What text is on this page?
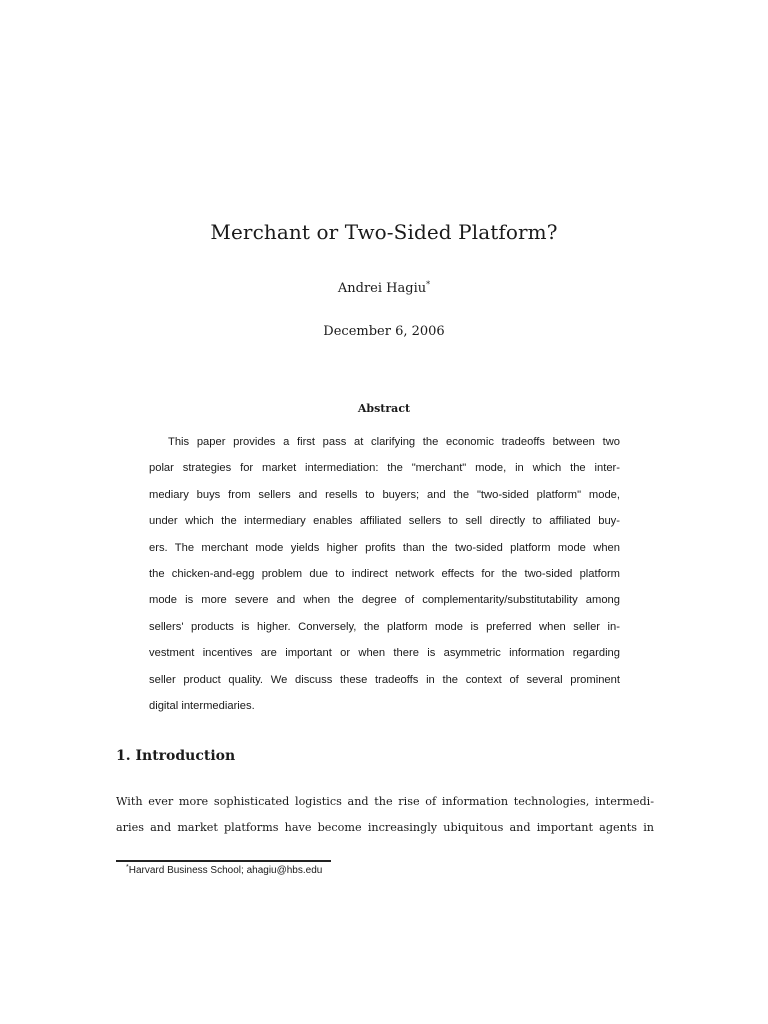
Merchant or Two-Sided Platform?
Andrei Hagiu*
December 6, 2006
Abstract
This paper provides a first pass at clarifying the economic tradeoffs between two
polar strategies for market intermediation: the "merchant" mode, in which the inter-
mediary buys from sellers and resells to buyers; and the "two-sided platform" mode,
under which the intermediary enables affiliated sellers to sell directly to affiliated buy-
ers. The merchant mode yields higher profits than the two-sided platform mode when
the chicken-and-egg problem due to indirect network effects for the two-sided platform
mode is more severe and when the degree of complementarity/substitutability among
sellers' products is higher. Conversely, the platform mode is preferred when seller in-
vestment incentives are important or when there is asymmetric information regarding
seller product quality. We discuss these tradeoffs in the context of several prominent
digital intermediaries.
1. Introduction
With ever more sophisticated logistics and the rise of information technologies, intermedi-
aries and market platforms have become increasingly ubiquitous and important agents in
*Harvard Business School; ahagiu@hbs.edu
